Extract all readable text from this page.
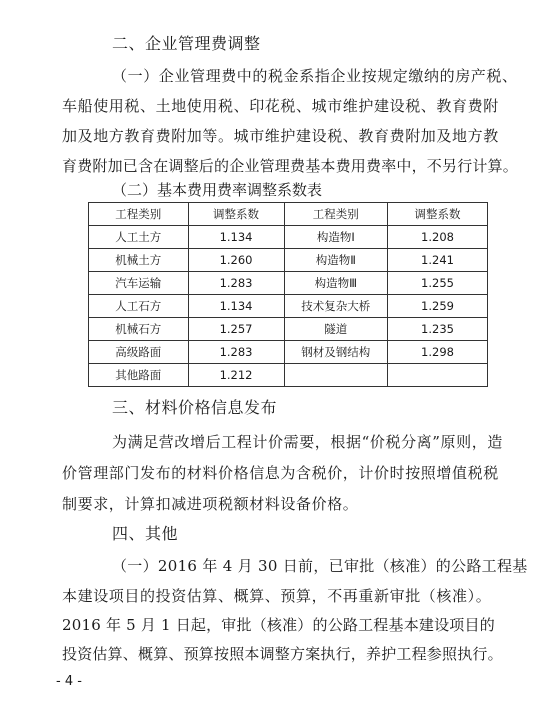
二、企业管理费调整
（一）企业管理费中的税金系指企业按规定缴纳的房产税、
车船使用税、土地使用税、印花税、城市维护建设税、教育费附
加及地方教育费附加等。城市维护建设税、教育费附加及地方教
育费附加已含在调整后的企业管理费基本费用费率中，不另行计算。
（二）基本费用费率调整系数表
工程类别	调整系数	工程类别	调整系数
人工土方	1.134	构造物Ⅰ	1.208
机械土方	1.260	构造物Ⅱ	1.241
汽车运输	1.283	构造物Ⅲ	1.255
人工石方	1.134	技术复杂大桥	1.259
机械石方	1.257	隧道	1.235
高级路面	1.283	钢材及钢结构	1.298
其他路面	1.212		
三、材料价格信息发布
为满足营改增后工程计价需要，根据“价税分离”原则，造
价管理部门发布的材料价格信息为含税价，计价时按照增值税税
制要求，计算扣减进项税额材料设备价格。
四、其他
（一）2016 年 4 月 30 日前，已审批（核准）的公路工程基
本建设项目的投资估算、概算、预算，不再重新审批（核准）。
2016 年 5 月 1 日起，审批（核准）的公路工程基本建设项目的
投资估算、概算、预算按照本调整方案执行，养护工程参照执行。
- 4 -
